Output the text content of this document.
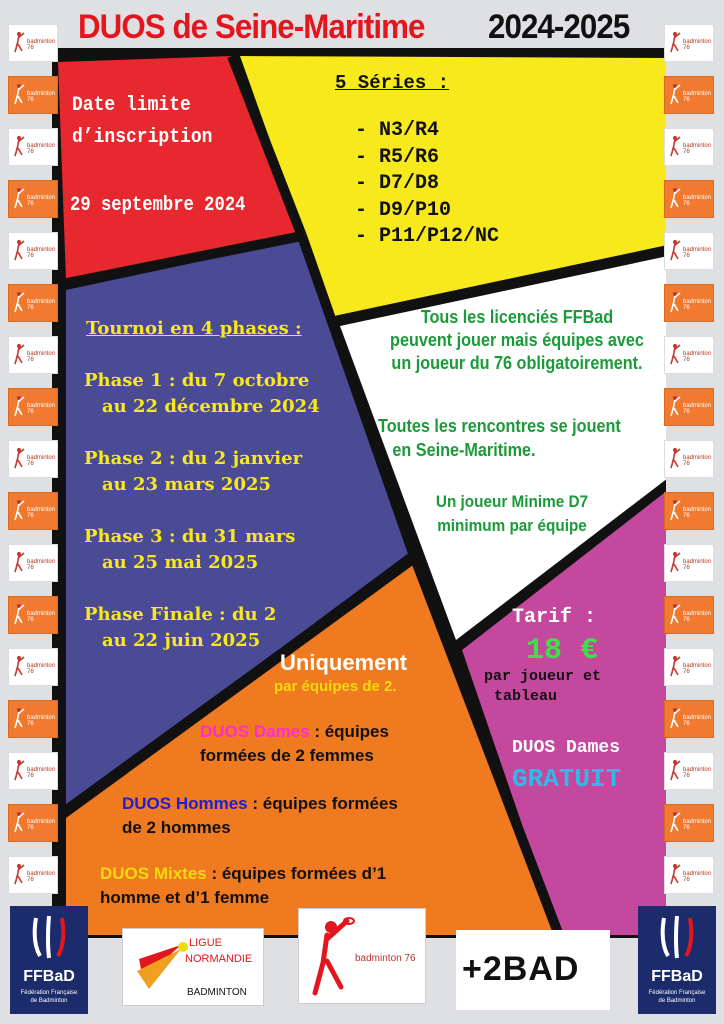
DUOS de Seine-Maritime 2024-2025
Date limite
d’inscription
29 septembre 2024
5 Séries :
- N3/R4
- R5/R6
- D7/D8
- D9/P10
- P11/P12/NC
Tous les licenciés FFBad
peuvent jouer mais équipes avec
un joueur du 76 obligatoirement.
Toutes les rencontres se jouent
en Seine-Maritime.
Un joueur Minime D7
minimum par équipe
Tournoi en 4 phases :
Phase 1 : du 7 octobre
au 22 décembre 2024
Phase 2 : du 2 janvier
au 23 mars 2025
Phase 3 : du 31 mars
au 25 mai 2025
Phase Finale : du 2
au 22 juin 2025
Tarif :
18 €
par joueur et
tableau
DUOS Dames
GRATUIT
Uniquement
par équipes de 2.
DUOS Dames : équipes
formées de 2 femmes
DUOS Hommes : équipes formées
de 2 hommes
DUOS Mixtes : équipes formées d’1
homme et d’1 femme
FFBaD
Fédération Française
de Badminton
LIGUE
NORMANDIE
BADMINTON
badminton 76 +2BAD	FFBaD
Fédération Française
de Badminton
badminton 76
badminton 76
badminton 76
badminton 76
badminton 76
badminton 76
badminton 76
badminton 76
badminton 76
badminton 76
badminton 76
badminton 76
badminton 76
badminton 76
badminton 76
badminton 76
badminton 76
badminton 76
badminton 76
badminton 76
badminton 76
badminton 76
badminton 76
badminton 76
badminton 76
badminton 76
badminton 76
badminton 76
badminton 76
badminton 76
badminton 76
badminton 76
badminton 76
badminton 76
